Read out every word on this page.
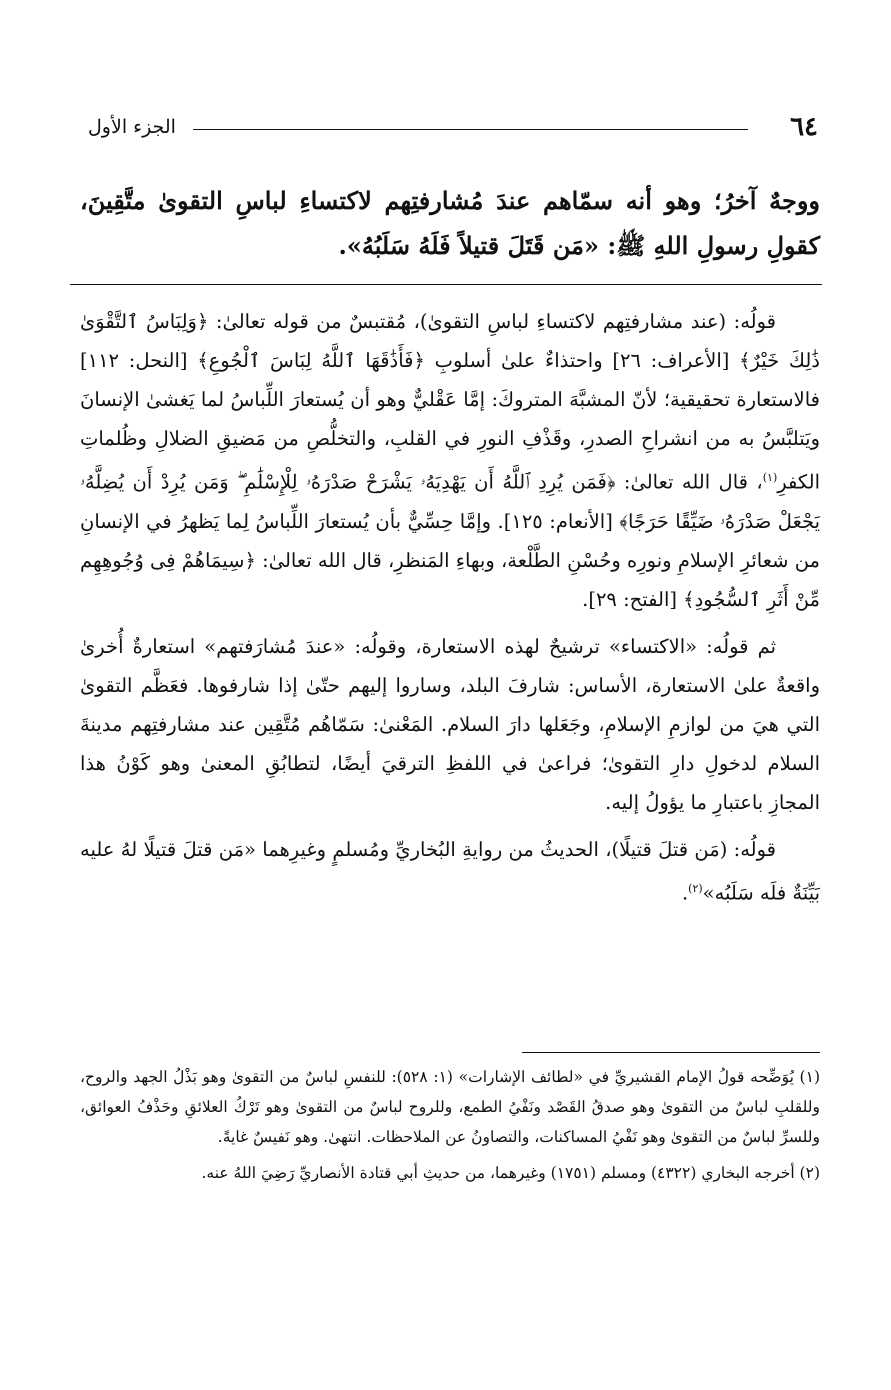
٦٤
الجزء الأول
ووجهٌ آخرُ؛ وهو أنه سمّاهم عندَ مُشارفتِهم لاكتساءِ لباسِ التقوىٰ متَّقِينَ، كقولِ رسولِ اللهِ ﷺ: «مَن قَتَلَ قتيلاً فَلَهُ سَلَبُهُ».

قولُه: (عند مشارفتِهم لاكتساءِ لباسِ التقوىٰ)، مُقتبسٌ من قوله تعالىٰ: ﴿وَلِبَاسُ ٱلتَّقْوَىٰ ذَٰلِكَ خَيْرٌ﴾ [الأعراف: ٢٦] واحتذاءٌ علىٰ أسلوبِ ﴿فَأَذَٰقَهَا ٱللَّهُ لِبَاسَ ٱلْجُوعِ﴾ [النحل: ١١٢] فالاستعارة تحقيقية؛ لأنّ المشبَّهَ المتروكَ: إمَّا عَقْليٌّ وهو أن يُستعارَ اللِّباسُ لما يَغشىٰ الإنسانَ ويَتلبَّسُ به من انشراحِ الصدرِ، وقَذْفِ النورِ في القلبِ، والتخلُّصِ من مَضيقِ الضلالِ وظُلماتِ الكفرِ$^{(١)}$، قال الله تعالىٰ: ﴿فَمَن يُرِدِ ٱللَّهُ أَن يَهْدِيَهُۥ يَشْرَحْ صَدْرَهُۥ لِلْإِسْلَٰمِ ۖ وَمَن يُرِدْ أَن يُضِلَّهُۥ يَجْعَلْ صَدْرَهُۥ ضَيِّقًا حَرَجًا﴾ [الأنعام: ١٢٥]. وإمَّا حِسِّيٌّ بأن يُستعارَ اللِّباسُ لِما يَظهرُ في الإنسانِ من شعائرِ الإسلامِ ونورِه وحُسْنِ الطَّلْعة، وبهاءِ المَنظرِ، قال الله تعالىٰ: ﴿سِيمَاهُمْ فِى وُجُوهِهِم مِّنْ أَثَرِ ٱلسُّجُودِ﴾ [الفتح: ٢٩].

ثم قولُه: «الاكتساء» ترشيحٌ لهذه الاستعارة، وقولُه: «عندَ مُشارَفتهم» استعارةٌ أُخرىٰ واقعةٌ علىٰ الاستعارة، الأساس: شارفَ البلد، وساروا إليهم حتّىٰ إذا شارفوها. فعَظَّم التقوىٰ التي هيَ من لوازمِ الإسلامِ، وجَعَلها دارَ السلام. المَعْنىٰ: سَمّاهُم مُتَّقِين عند مشارفتِهم مدينةَ السلام لدخولِ دارِ التقوىٰ؛ فراعىٰ في اللفظِ الترقيَ أيضًا، لتطابُقِ المعنىٰ وهو كَوْنُ هذا المجازِ باعتبارِ ما يؤولُ إليه.

قولُه: (مَن قتلَ قتيلًا)، الحديثُ من روايةِ البُخاريِّ ومُسلمٍ وغيرِهما «مَن قتلَ قتيلًا لهُ عليه بَيِّنَةٌ فلَه سَلَبُه»$^{(٢)}$.

(١) يُوَضِّحه قولُ الإمام القشيريِّ في «لطائف الإشارات» (١: ٥٢٨): للنفسِ لباسٌ من التقوىٰ وهو بَذْلُ الجهد والروح، وللقلبِ لباسٌ من التقوىٰ وهو صدقُ القَصْد ونَفْيُ الطمع، وللروح لباسٌ من التقوىٰ وهو تَرْكُ العلائقِ وحَذْفُ العوائق، وللسرِّ لباسٌ من التقوىٰ وهو نَفْيُ المساكنات، والتصاونُ عن الملاحظات. انتهىٰ. وهو نَفيسٌ غايةً.

(٢) أخرجه البخاري (٤٣٢٢) ومسلم (١٧٥١) وغيرهما، من حديثِ أبي قتادة الأنصاريِّ رَضِيَ اللهُ عنه.
